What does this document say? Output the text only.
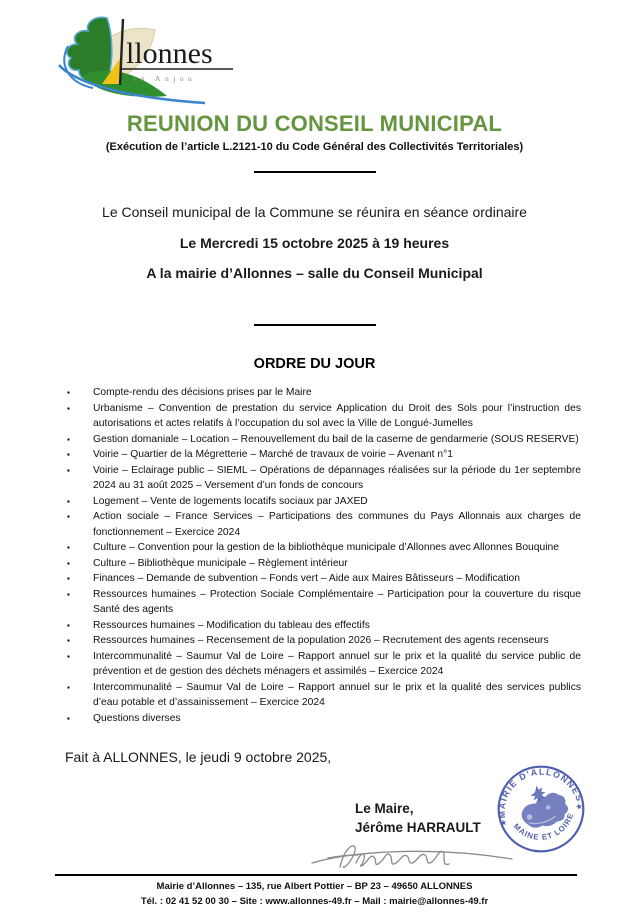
llonnes
en Anjou
REUNION DU CONSEIL MUNICIPAL
(Exécution de l’article L.2121-10 du Code Général des Collectivités Territoriales)

Le Conseil municipal de la Commune se réunira en séance ordinaire

Le Mercredi 15 octobre 2025 à 19 heures

A la mairie d’Allonnes – salle du Conseil Municipal

ORDRE DU JOUR
▪ Compte-rendu des décisions prises par le Maire
▪ Urbanisme – Convention de prestation du service Application du Droit des Sols pour l’instruction des autorisations et actes relatifs à l’occupation du sol avec la Ville de Longué-Jumelles
▪ Gestion domaniale – Location – Renouvellement du bail de la caserne de gendarmerie (SOUS RESERVE)
▪ Voirie – Quartier de la Mégretterie – Marché de travaux de voirie – Avenant n°1
▪ Voirie – Eclairage public – SIEML – Opérations de dépannages réalisées sur la période du 1er septembre 2024 au 31 août 2025 – Versement d’un fonds de concours
▪ Logement – Vente de logements locatifs sociaux par JAXED
▪ Action sociale – France Services – Participations des communes du Pays Allonnais aux charges de fonctionnement – Exercice 2024
▪ Culture – Convention pour la gestion de la bibliothèque municipale d’Allonnes avec Allonnes Bouquine
▪ Culture – Bibliothèque municipale – Règlement intérieur
▪ Finances – Demande de subvention – Fonds vert – Aide aux Maires Bâtisseurs – Modification
▪ Ressources humaines – Protection Sociale Complémentaire – Participation pour la couverture du risque Santé des agents
▪ Ressources humaines – Modification du tableau des effectifs
▪ Ressources humaines – Recensement de la population 2026 – Recrutement des agents recenseurs
▪ Intercommunalité – Saumur Val de Loire – Rapport annuel sur le prix et la qualité du service public de prévention et de gestion des déchets ménagers et assimilés – Exercice 2024
▪ Intercommunalité – Saumur Val de Loire – Rapport annuel sur le prix et la qualité des services publics d’eau potable et d’assainissement – Exercice 2024
▪ Questions diverses

Fait à ALLONNES, le jeudi 9 octobre 2025,

Le Maire,
Jérôme HARRAULT
MAIRIE D'ALLONNES
MAINE ET LOIRE
★
★
Mairie d’Allonnes – 135, rue Albert Pottier – BP 23 – 49650 ALLONNES
Tél. : 02 41 52 00 30 – Site : www.allonnes-49.fr – Mail : mairie@allonnes-49.fr
